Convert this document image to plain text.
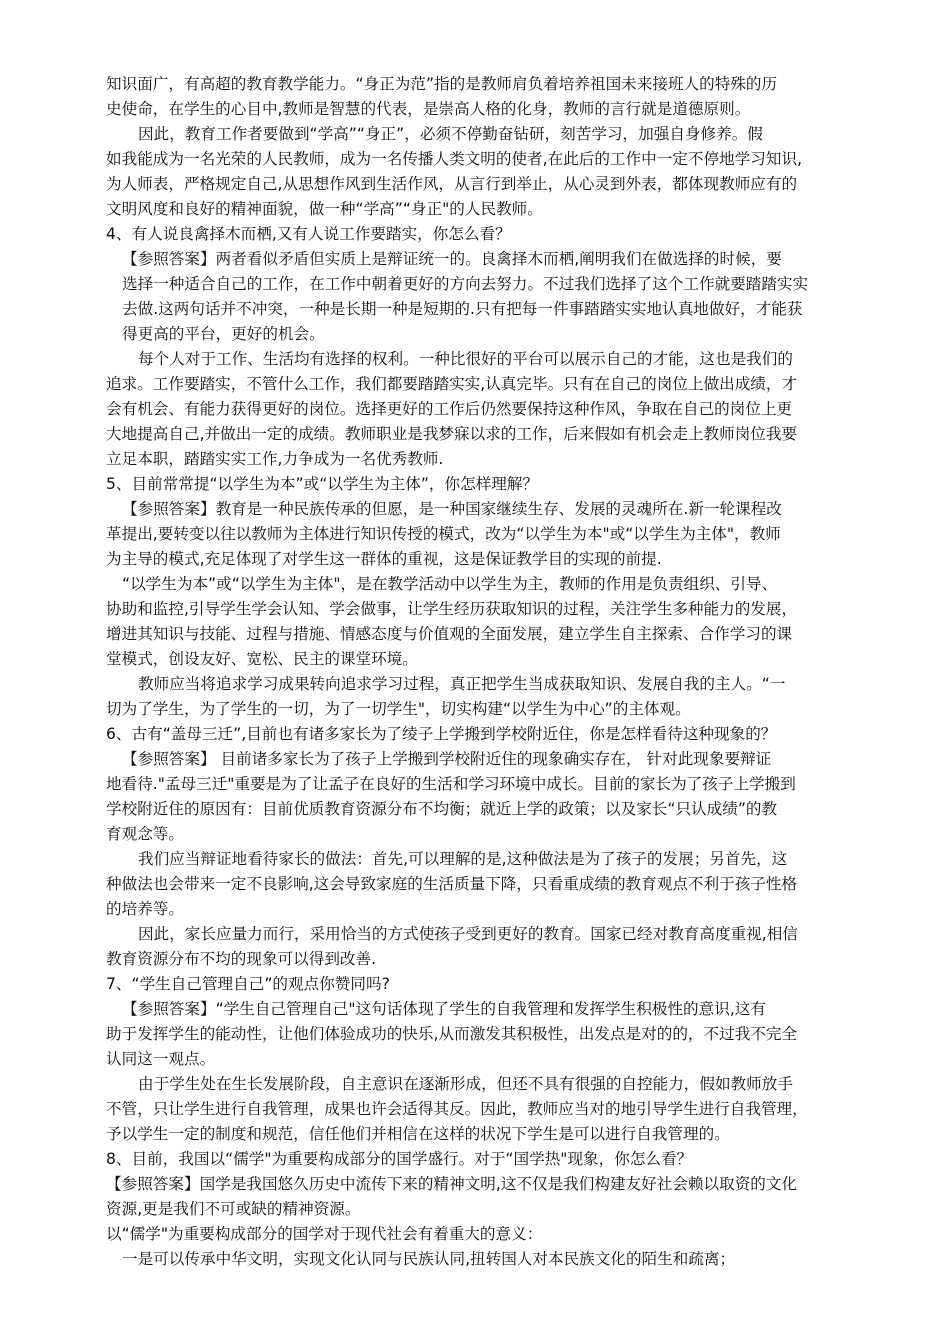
知识面广，有高超的教育教学能力。“身正为范”指的是教师肩负着培养祖国未来接班人的特殊的历
史使命，在学生的心目中,教师是智慧的代表，是崇高人格的化身，教师的言行就是道德原则。
因此，教育工作者要做到“学高”“身正”，必须不停勤奋钻研，刻苦学习，加强自身修养。假
如我能成为一名光荣的人民教师，成为一名传播人类文明的使者,在此后的工作中一定不停地学习知识,
为人师表，严格规定自己,从思想作风到生活作风，从言行到举止，从心灵到外表，都体现教师应有的
文明风度和良好的精神面貌，做一种“学高”“身正"的人民教师。
4、有人说良禽择木而栖,又有人说工作要踏实，你怎么看？
【参照答案】两者看似矛盾但实质上是辩证统一的。良禽择木而栖,阐明我们在做选择的时候，要
选择一种适合自己的工作，在工作中朝着更好的方向去努力。不过我们选择了这个工作就要踏踏实实
去做.这两句话并不冲突，一种是长期一种是短期的.只有把每一件事踏踏实实地认真地做好，才能获
得更高的平台，更好的机会。
每个人对于工作、生活均有选择的权利。一种比很好的平台可以展示自己的才能，这也是我们的
追求。工作要踏实，不管什么工作，我们都要踏踏实实,认真完毕。只有在自己的岗位上做出成绩，才
会有机会、有能力获得更好的岗位。选择更好的工作后仍然要保持这种作风，争取在自己的岗位上更
大地提高自己,并做出一定的成绩。教师职业是我梦寐以求的工作，后来假如有机会走上教师岗位我要
立足本职，踏踏实实工作,力争成为一名优秀教师.
5、目前常常提“以学生为本”或“以学生为主体”，你怎样理解？
【参照答案】教育是一种民族传承的但愿，是一种国家继续生存、发展的灵魂所在.新一轮课程改
革提出,要转变以往以教师为主体进行知识传授的模式，改为“以学生为本"或“以学生为主体"，教师
为主导的模式,充足体现了对学生这一群体的重视，这是保证教学目的实现的前提.
“以学生为本”或“以学生为主体"，是在教学活动中以学生为主，教师的作用是负责组织、引导、
协助和监控,引导学生学会认知、学会做事，让学生经历获取知识的过程，关注学生多种能力的发展，
增进其知识与技能、过程与措施、情感态度与价值观的全面发展，建立学生自主探索、合作学习的课
堂模式，创设友好、宽松、民主的课堂环境。
教师应当将追求学习成果转向追求学习过程，真正把学生当成获取知识、发展自我的主人。“一
切为了学生，为了学生的一切，为了一切学生"，切实构建“以学生为中心”的主体观。
6、古有“盖母三迁”,目前也有诸多家长为了绫子上学搬到学校附近住，你是怎样看待这种现象的？
【参照答案】 目前诸多家长为了孩子上学搬到学校附近住的现象确实存在， 针对此现象要辩证
地看待."孟母三迁"重要是为了让孟子在良好的生活和学习环境中成长。目前的家长为了孩子上学搬到
学校附近住的原因有：目前优质教育资源分布不均衡；就近上学的政策；以及家长“只认成绩”的教
育观念等。
我们应当辩证地看待家长的做法：首先,可以理解的是,这种做法是为了孩子的发展；另首先，这
种做法也会带来一定不良影响,这会导致家庭的生活质量下降，只看重成绩的教育观点不利于孩子性格
的培养等。
因此，家长应量力而行，采用恰当的方式使孩子受到更好的教育。国家已经对教育高度重视,相信
教育资源分布不均的现象可以得到改善.
7、“学生自己管理自己”的观点你赞同吗?
【参照答案】“学生自己管理自己"这句话体现了学生的自我管理和发挥学生积极性的意识,这有
助于发挥学生的能动性，让他们体验成功的快乐,从而激发其积极性，出发点是对的的，不过我不完全
认同这一观点。
由于学生处在生长发展阶段，自主意识在逐渐形成，但还不具有很强的自控能力，假如教师放手
不管，只让学生进行自我管理，成果也许会适得其反。因此，教师应当对的地引导学生进行自我管理，
予以学生一定的制度和规范，信任他们并相信在这样的状况下学生是可以进行自我管理的。
8、目前，我国以“儒学"为重要构成部分的国学盛行。对于“国学热"现象，你怎么看？
【参照答案】国学是我国悠久历史中流传下来的精神文明,这不仅是我们构建友好社会赖以取资的文化
资源,更是我们不可或缺的精神资源。
以“儒学"为重要构成部分的国学对于现代社会有着重大的意义：
一是可以传承中华文明，实现文化认同与民族认同,扭转国人对本民族文化的陌生和疏离；
